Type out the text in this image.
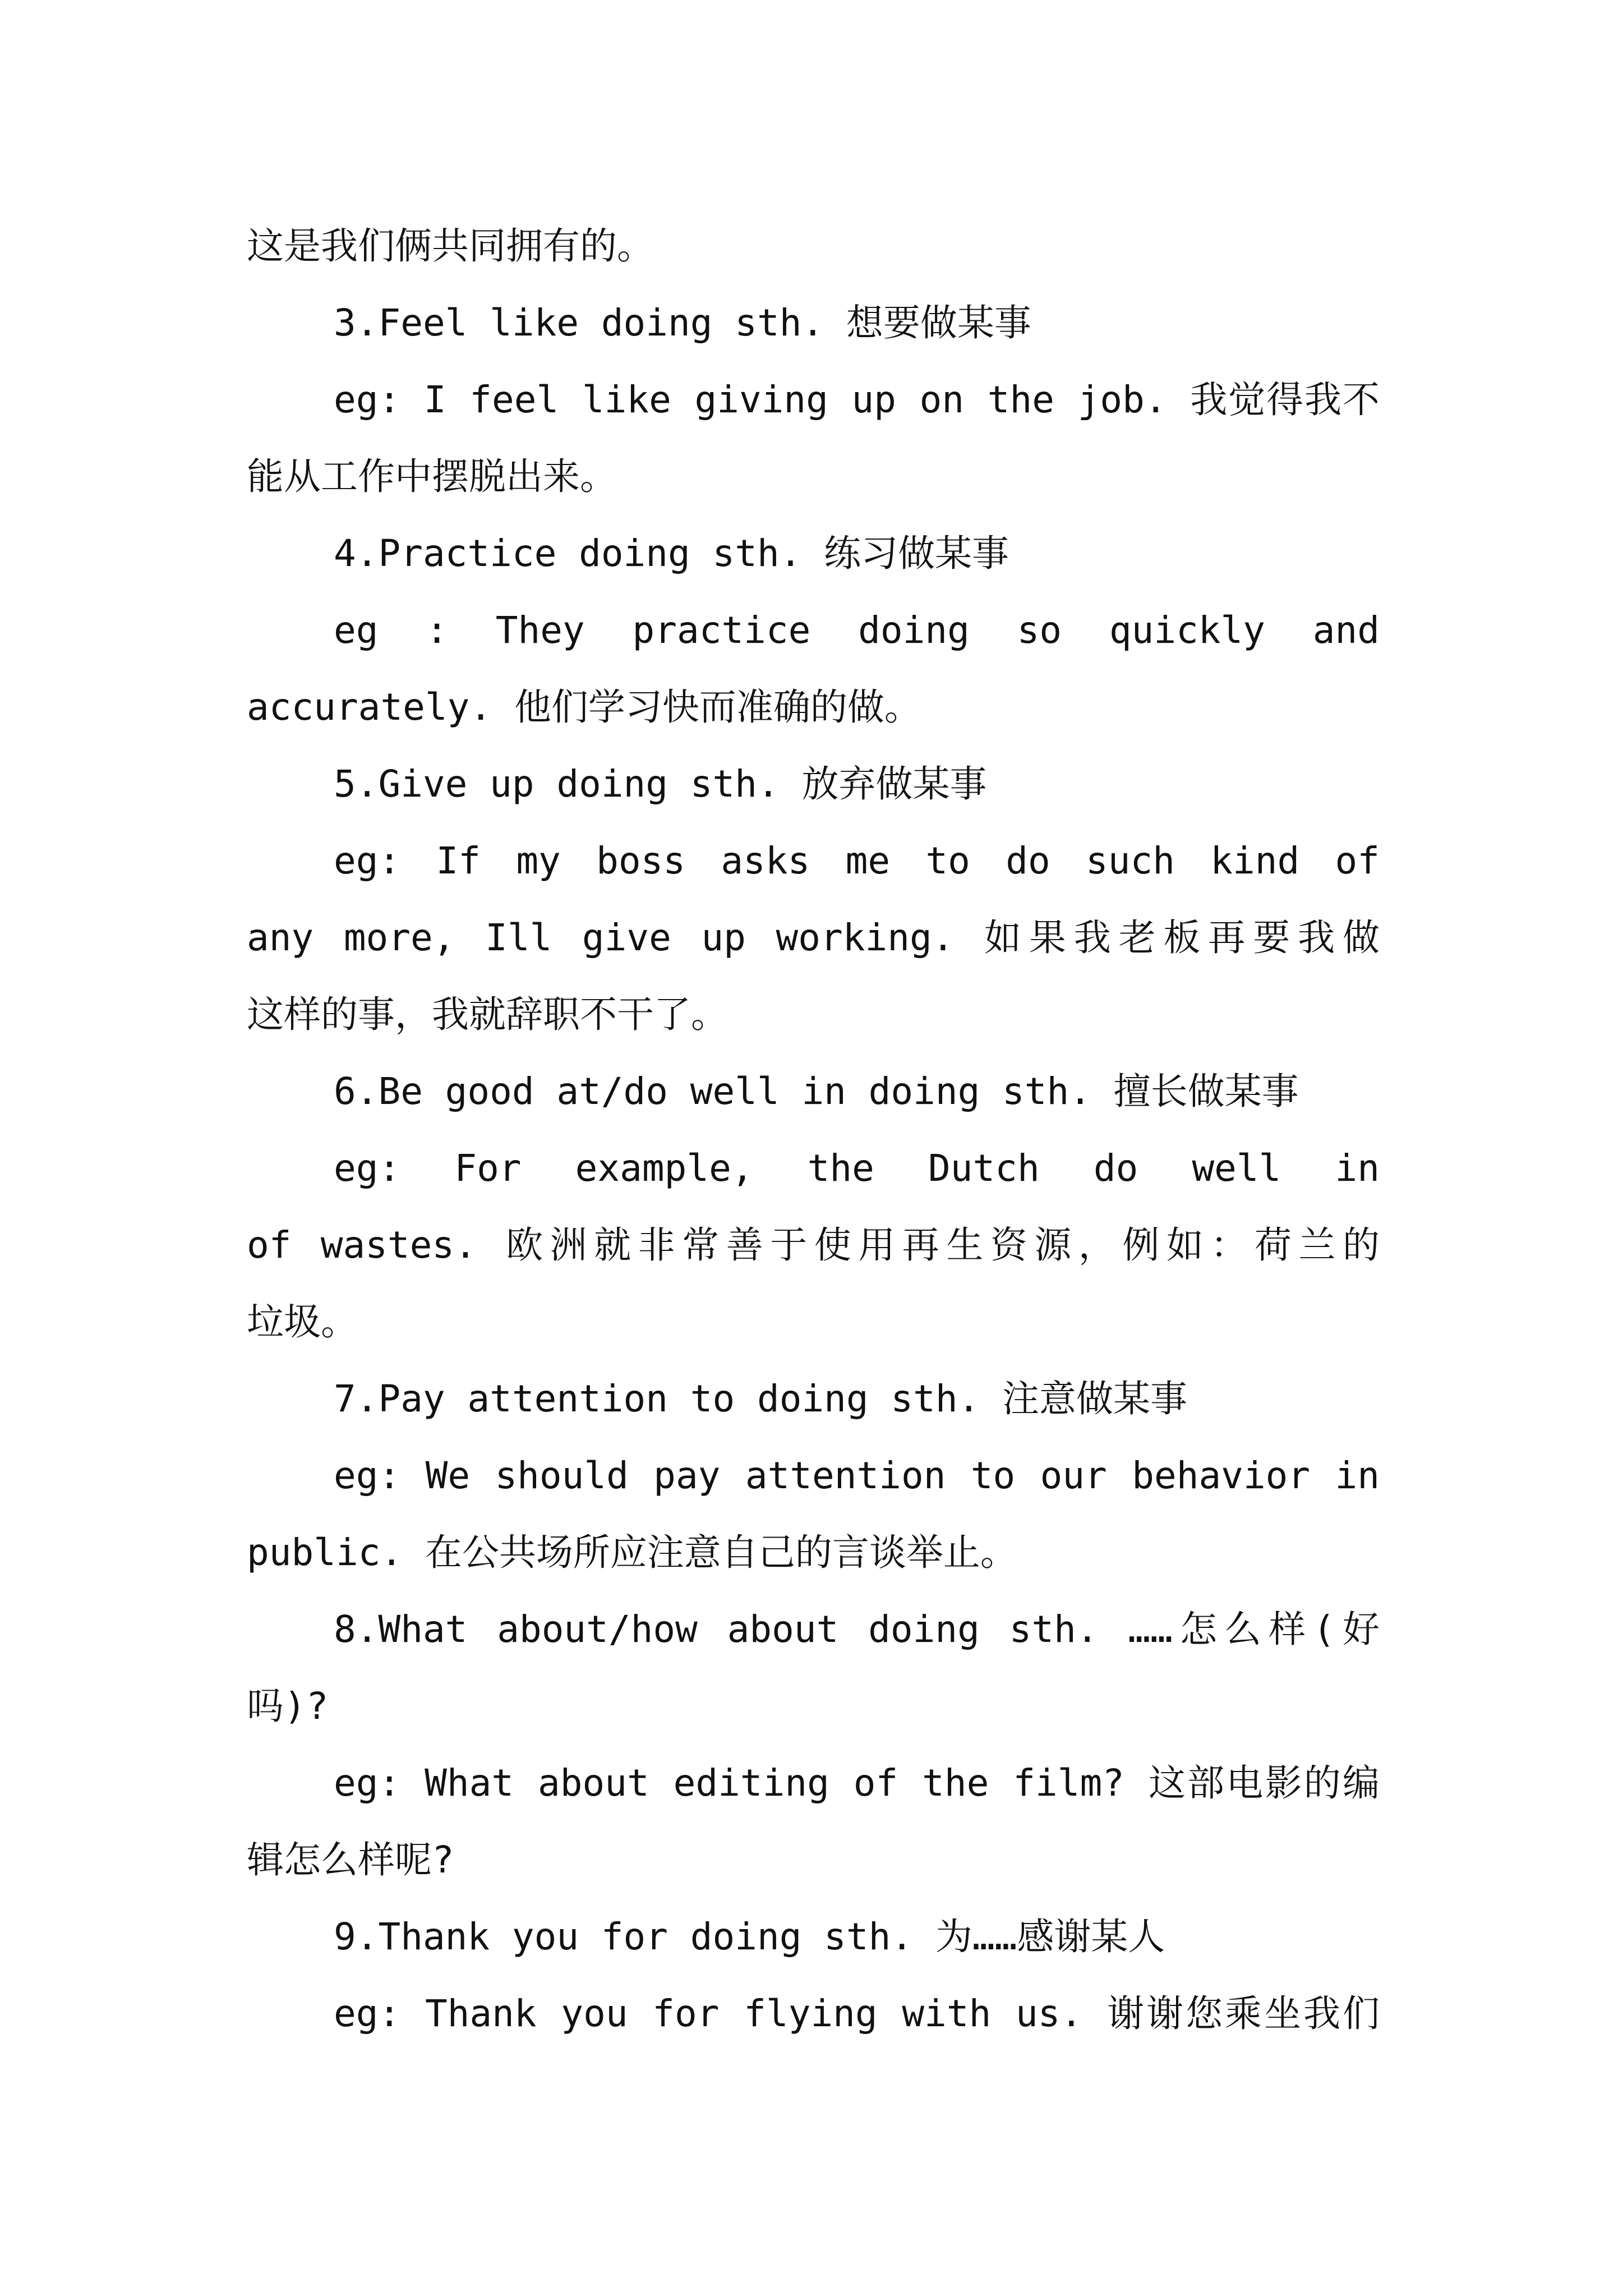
这是我们俩共同拥有的。
3.Feel like doing sth. 想要做某事
eg: I feel like giving up on the job. 我觉得我不
能从工作中摆脱出来。
4.Practice doing sth. 练习做某事
eg : They practice doing so quickly and
accurately. 他们学习快而准确的做。
5.Give up doing sth. 放弃做某事
eg: If my boss asks me to do such kind of
any more, Ill give up working. 如果我老板再要我做
这样的事，我就辞职不干了。
6.Be good at/do well in doing sth. 擅长做某事
eg: For example, the Dutch do well in
of wastes. 欧洲就非常善于使用再生资源，例如：荷兰的
垃圾。
7.Pay attention to doing sth. 注意做某事
eg: We should pay attention to our behavior in
public. 在公共场所应注意自己的言谈举止。
8.What about/how about doing sth. ……怎么样(好
吗)?
eg: What about editing of the film? 这部电影的编
辑怎么样呢?
9.Thank you for doing sth. 为……感谢某人
eg: Thank you for flying with us. 谢谢您乘坐我们
